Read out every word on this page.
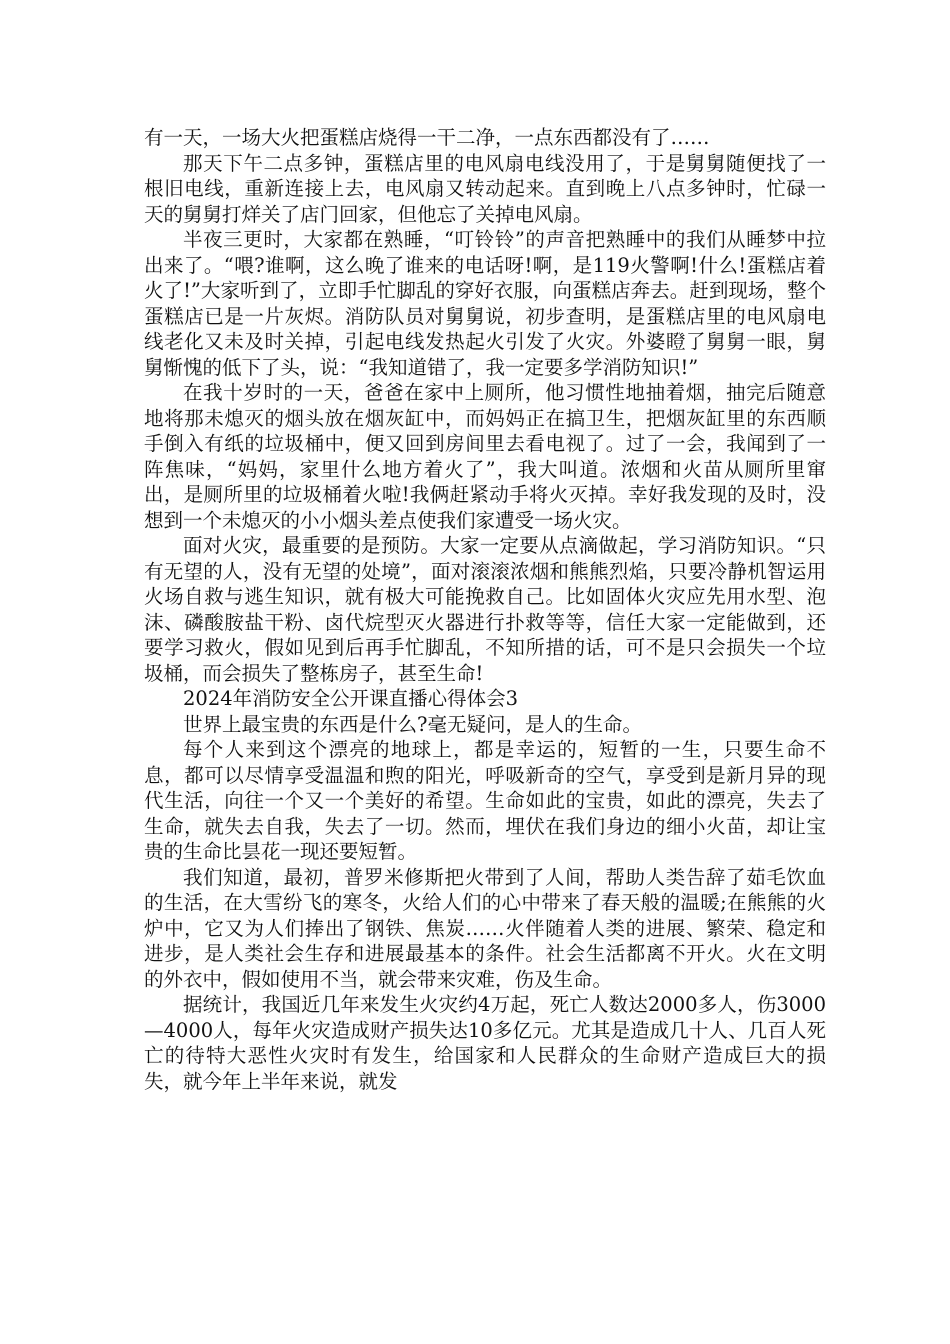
有一天，一场大火把蛋糕店烧得一干二净，一点东西都没有了……

那天下午二点多钟，蛋糕店里的电风扇电线没用了，于是舅舅随便找了一根旧电线，重新连接上去，电风扇又转动起来。直到晚上八点多钟时，忙碌一天的舅舅打烊关了店门回家，但他忘了关掉电风扇。

半夜三更时，大家都在熟睡，“叮铃铃”的声音把熟睡中的我们从睡梦中拉出来了。“喂?谁啊，这么晚了谁来的电话呀!啊，是119火警啊!什么!蛋糕店着火了!”大家听到了，立即手忙脚乱的穿好衣服，向蛋糕店奔去。赶到现场，整个蛋糕店已是一片灰烬。消防队员对舅舅说，初步查明，是蛋糕店里的电风扇电线老化又未及时关掉，引起电线发热起火引发了火灾。外婆瞪了舅舅一眼，舅舅惭愧的低下了头，说：“我知道错了，我一定要多学消防知识!”

在我十岁时的一天，爸爸在家中上厕所，他习惯性地抽着烟，抽完后随意地将那未熄灭的烟头放在烟灰缸中，而妈妈正在搞卫生，把烟灰缸里的东西顺手倒入有纸的垃圾桶中，便又回到房间里去看电视了。过了一会，我闻到了一阵焦味，“妈妈，家里什么地方着火了”，我大叫道。浓烟和火苗从厕所里窜出，是厕所里的垃圾桶着火啦!我俩赶紧动手将火灭掉。幸好我发现的及时，没想到一个未熄灭的小小烟头差点使我们家遭受一场火灾。

面对火灾，最重要的是预防。大家一定要从点滴做起，学习消防知识。“只有无望的人，没有无望的处境”，面对滚滚浓烟和熊熊烈焰，只要冷静机智运用火场自救与逃生知识，就有极大可能挽救自己。比如固体火灾应先用水型、泡沫、磷酸胺盐干粉、卤代烷型灭火器进行扑救等等，信任大家一定能做到，还要学习救火，假如见到后再手忙脚乱，不知所措的话，可不是只会损失一个垃圾桶，而会损失了整栋房子，甚至生命!

2024年消防安全公开课直播心得体会3

世界上最宝贵的东西是什么?毫无疑问，是人的生命。

每个人来到这个漂亮的地球上，都是幸运的，短暂的一生，只要生命不息，都可以尽情享受温温和煦的阳光，呼吸新奇的空气，享受到是新月异的现代生活，向往一个又一个美好的希望。生命如此的宝贵，如此的漂亮，失去了生命，就失去自我，失去了一切。然而，埋伏在我们身边的细小火苗，却让宝贵的生命比昙花一现还要短暂。

我们知道，最初，普罗米修斯把火带到了人间，帮助人类告辞了茹毛饮血的生活，在大雪纷飞的寒冬，火给人们的心中带来了春天般的温暖;在熊熊的火炉中，它又为人们捧出了钢铁、焦炭……火伴随着人类的进展、繁荣、稳定和进步，是人类社会生存和进展最基本的条件。社会生活都离不开火。火在文明的外衣中，假如使用不当，就会带来灾难，伤及生命。

据统计，我国近几年来发生火灾约4万起，死亡人数达2000多人，伤3000—4000人，每年火灾造成财产损失达10多亿元。尤其是造成几十人、几百人死亡的待特大恶性火灾时有发生，给国家和人民群众的生命财产造成巨大的损失，就今年上半年来说，就发
